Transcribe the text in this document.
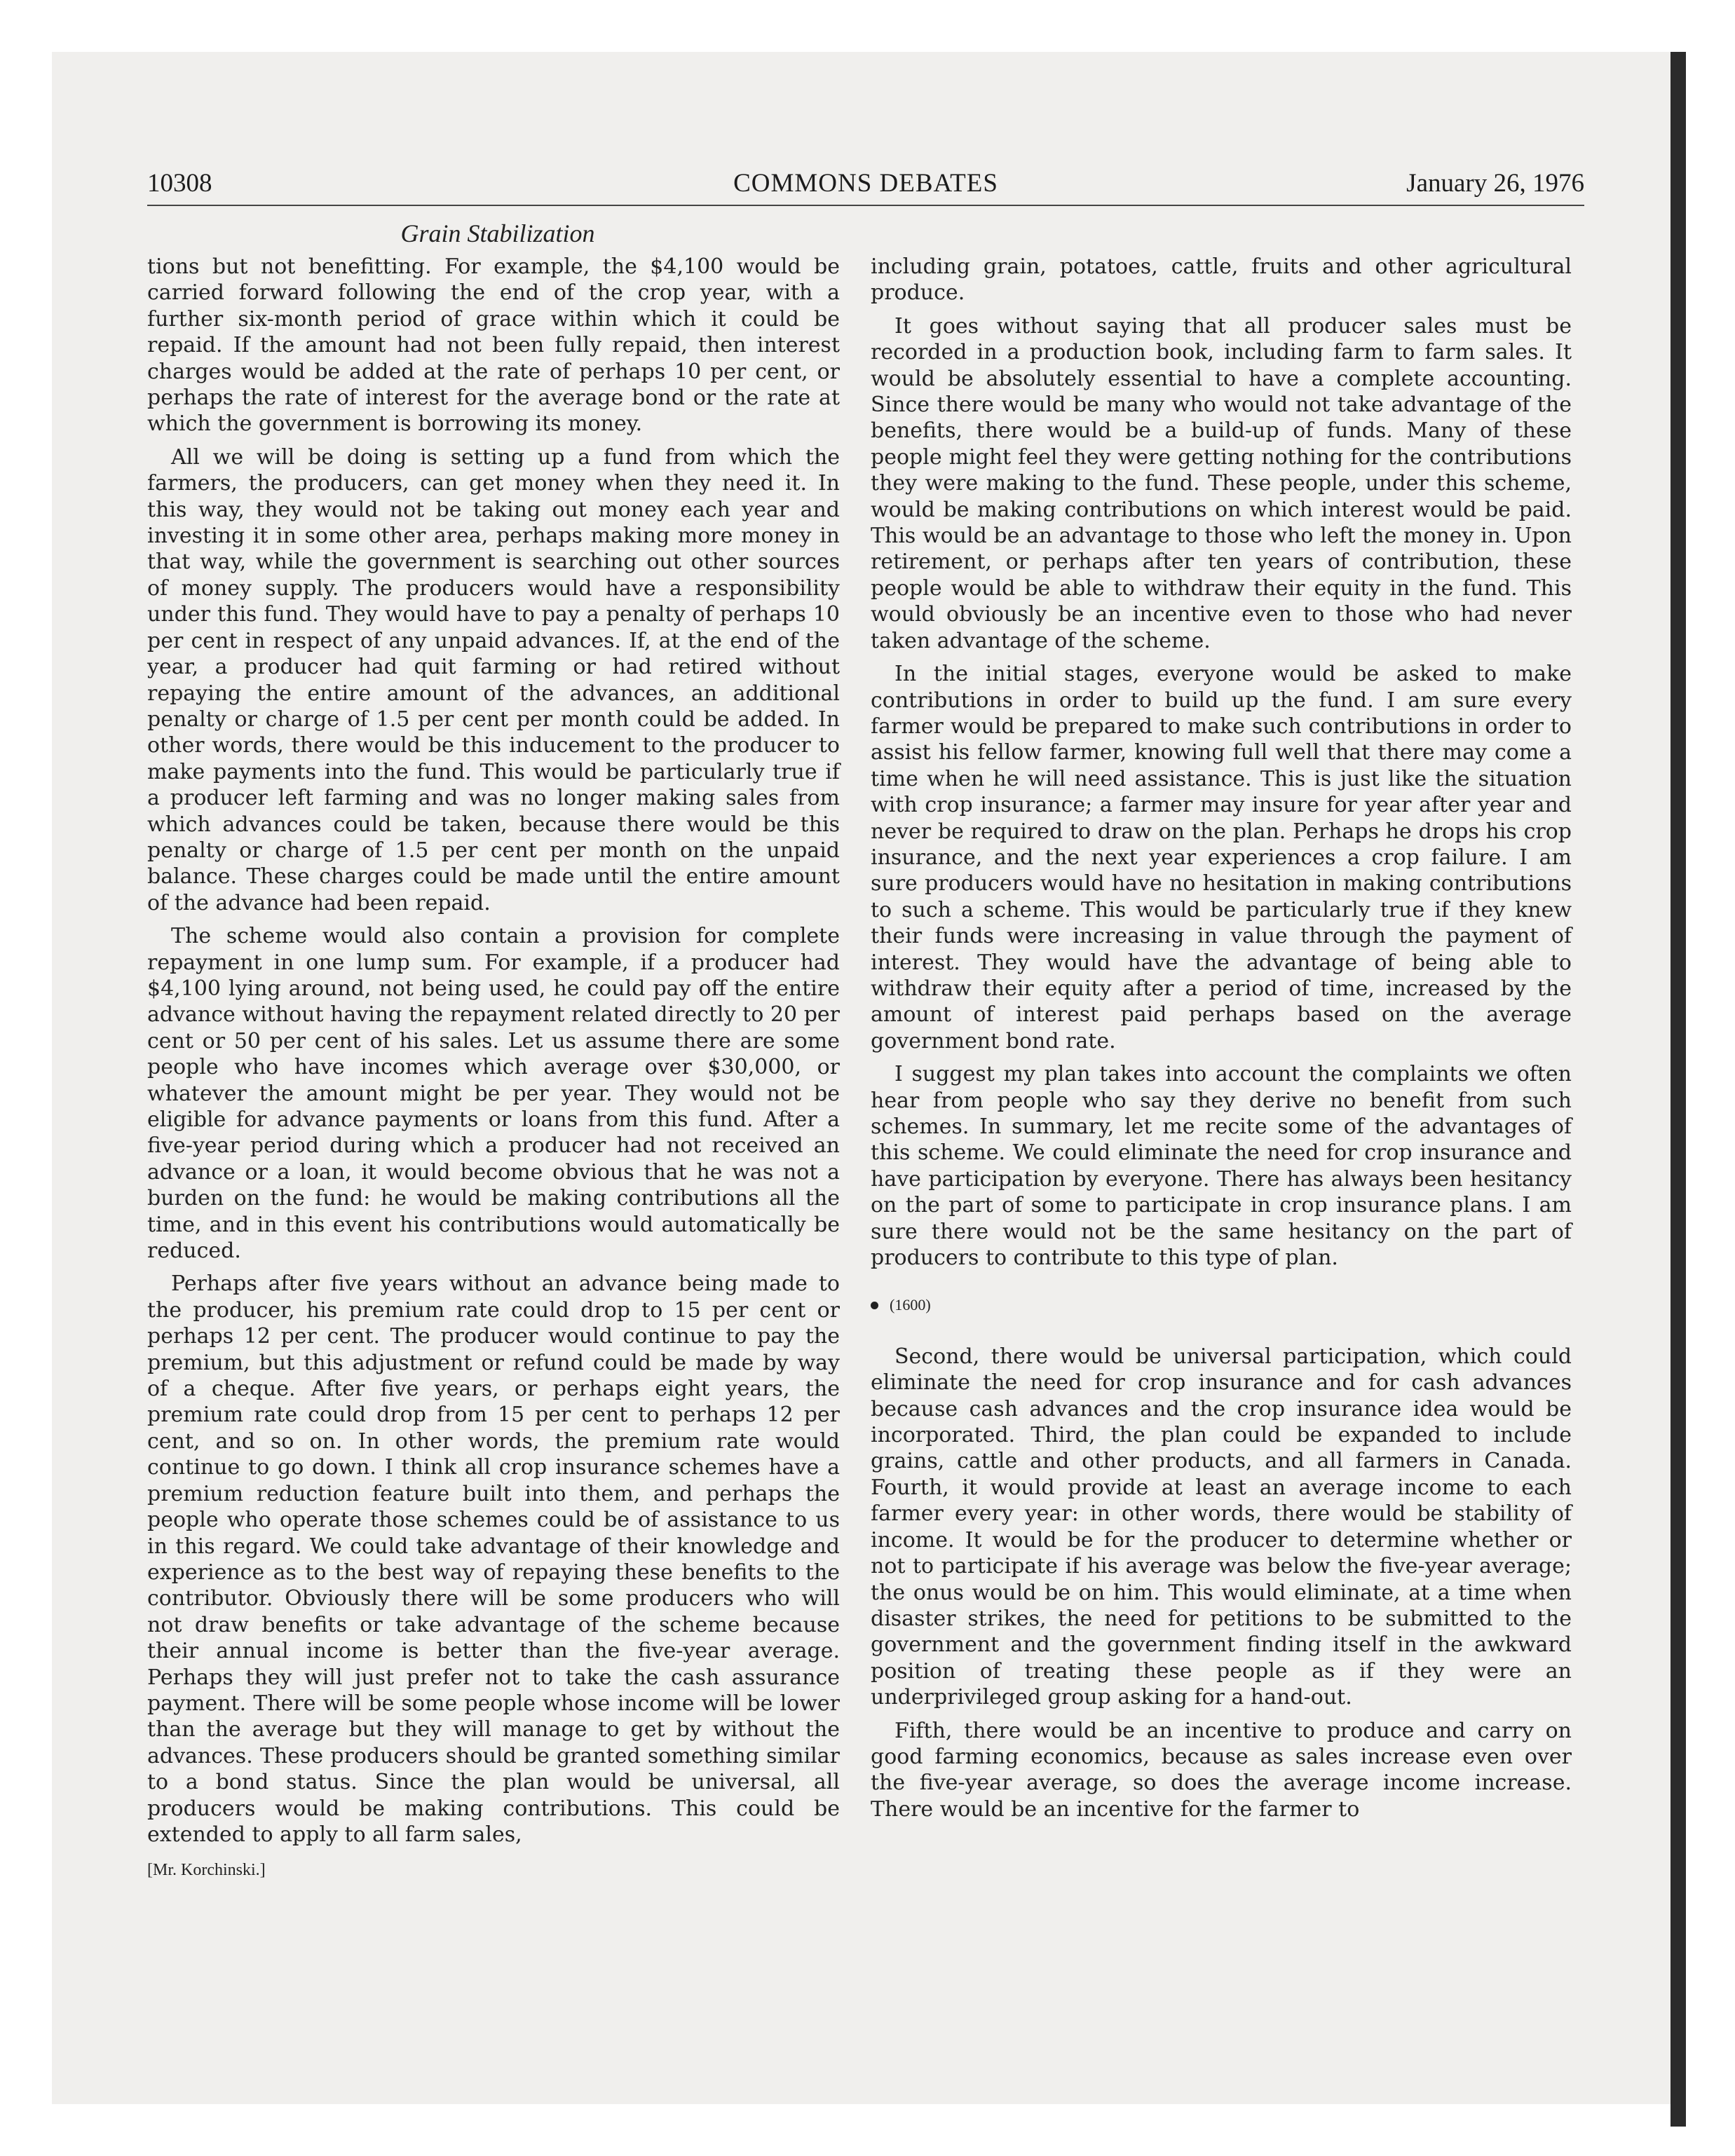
10308	COMMONS DEBATES	January 26, 1976
Grain Stabilization

tions but not benefitting. For example, the $4,100 would be carried forward following the end of the crop year, with a further six-month period of grace within which it could be repaid. If the amount had not been fully repaid, then interest charges would be added at the rate of perhaps 10 per cent, or perhaps the rate of interest for the average bond or the rate at which the government is borrowing its money.

All we will be doing is setting up a fund from which the farmers, the producers, can get money when they need it. In this way, they would not be taking out money each year and investing it in some other area, perhaps making more money in that way, while the government is searching out other sources of money supply. The producers would have a responsibility under this fund. They would have to pay a penalty of perhaps 10 per cent in respect of any unpaid advances. If, at the end of the year, a producer had quit farming or had retired without repaying the entire amount of the advances, an additional penalty or charge of 1.5 per cent per month could be added. In other words, there would be this inducement to the producer to make payments into the fund. This would be particularly true if a producer left farming and was no longer making sales from which advances could be taken, because there would be this penalty or charge of 1.5 per cent per month on the unpaid balance. These charges could be made until the entire amount of the advance had been repaid.

The scheme would also contain a provision for complete repayment in one lump sum. For example, if a producer had $4,100 lying around, not being used, he could pay off the entire advance without having the repayment related directly to 20 per cent or 50 per cent of his sales. Let us assume there are some people who have incomes which average over $30,000, or whatever the amount might be per year. They would not be eligible for advance payments or loans from this fund. After a five-year period during which a producer had not received an advance or a loan, it would become obvious that he was not a burden on the fund: he would be making contributions all the time, and in this event his contributions would automatically be reduced.

Perhaps after five years without an advance being made to the producer, his premium rate could drop to 15 per cent or perhaps 12 per cent. The producer would continue to pay the premium, but this adjustment or refund could be made by way of a cheque. After five years, or perhaps eight years, the premium rate could drop from 15 per cent to perhaps 12 per cent, and so on. In other words, the premium rate would continue to go down. I think all crop insurance schemes have a premium reduction feature built into them, and perhaps the people who operate those schemes could be of assistance to us in this regard. We could take advantage of their knowledge and experience as to the best way of repaying these benefits to the contributor. Obviously there will be some producers who will not draw benefits or take advantage of the scheme because their annual income is better than the five-year average. Perhaps they will just prefer not to take the cash assurance payment. There will be some people whose income will be lower than the average but they will manage to get by without the advances. These producers should be granted something similar to a bond status. Since the plan would be universal, all producers would be making contributions. This could be extended to apply to all farm sales,

[Mr. Korchinski.]

including grain, potatoes, cattle, fruits and other agricultural produce.

It goes without saying that all producer sales must be recorded in a production book, including farm to farm sales. It would be absolutely essential to have a complete accounting. Since there would be many who would not take advantage of the benefits, there would be a build-up of funds. Many of these people might feel they were getting nothing for the contributions they were making to the fund. These people, under this scheme, would be making contributions on which interest would be paid. This would be an advantage to those who left the money in. Upon retirement, or perhaps after ten years of contribution, these people would be able to withdraw their equity in the fund. This would obviously be an incentive even to those who had never taken advantage of the scheme.

In the initial stages, everyone would be asked to make contributions in order to build up the fund. I am sure every farmer would be prepared to make such contributions in order to assist his fellow farmer, knowing full well that there may come a time when he will need assistance. This is just like the situation with crop insurance; a farmer may insure for year after year and never be required to draw on the plan. Perhaps he drops his crop insurance, and the next year experiences a crop failure. I am sure producers would have no hesitation in making contributions to such a scheme. This would be particularly true if they knew their funds were increasing in value through the payment of interest. They would have the advantage of being able to withdraw their equity after a period of time, increased by the amount of interest paid perhaps based on the average government bond rate.

I suggest my plan takes into account the complaints we often hear from people who say they derive no benefit from such schemes. In summary, let me recite some of the advantages of this scheme. We could eliminate the need for crop insurance and have participation by everyone. There has always been hesitancy on the part of some to participate in crop insurance plans. I am sure there would not be the same hesitancy on the part of producers to contribute to this type of plan.

(1600)

Second, there would be universal participation, which could eliminate the need for crop insurance and for cash advances because cash advances and the crop insurance idea would be incorporated. Third, the plan could be expanded to include grains, cattle and other products, and all farmers in Canada. Fourth, it would provide at least an average income to each farmer every year: in other words, there would be stability of income. It would be for the producer to determine whether or not to participate if his average was below the five-year average; the onus would be on him. This would eliminate, at a time when disaster strikes, the need for petitions to be submitted to the government and the government finding itself in the awkward position of treating these people as if they were an underprivileged group asking for a hand-out.

Fifth, there would be an incentive to produce and carry on good farming economics, because as sales increase even over the five-year average, so does the average income increase. There would be an incentive for the farmer to
